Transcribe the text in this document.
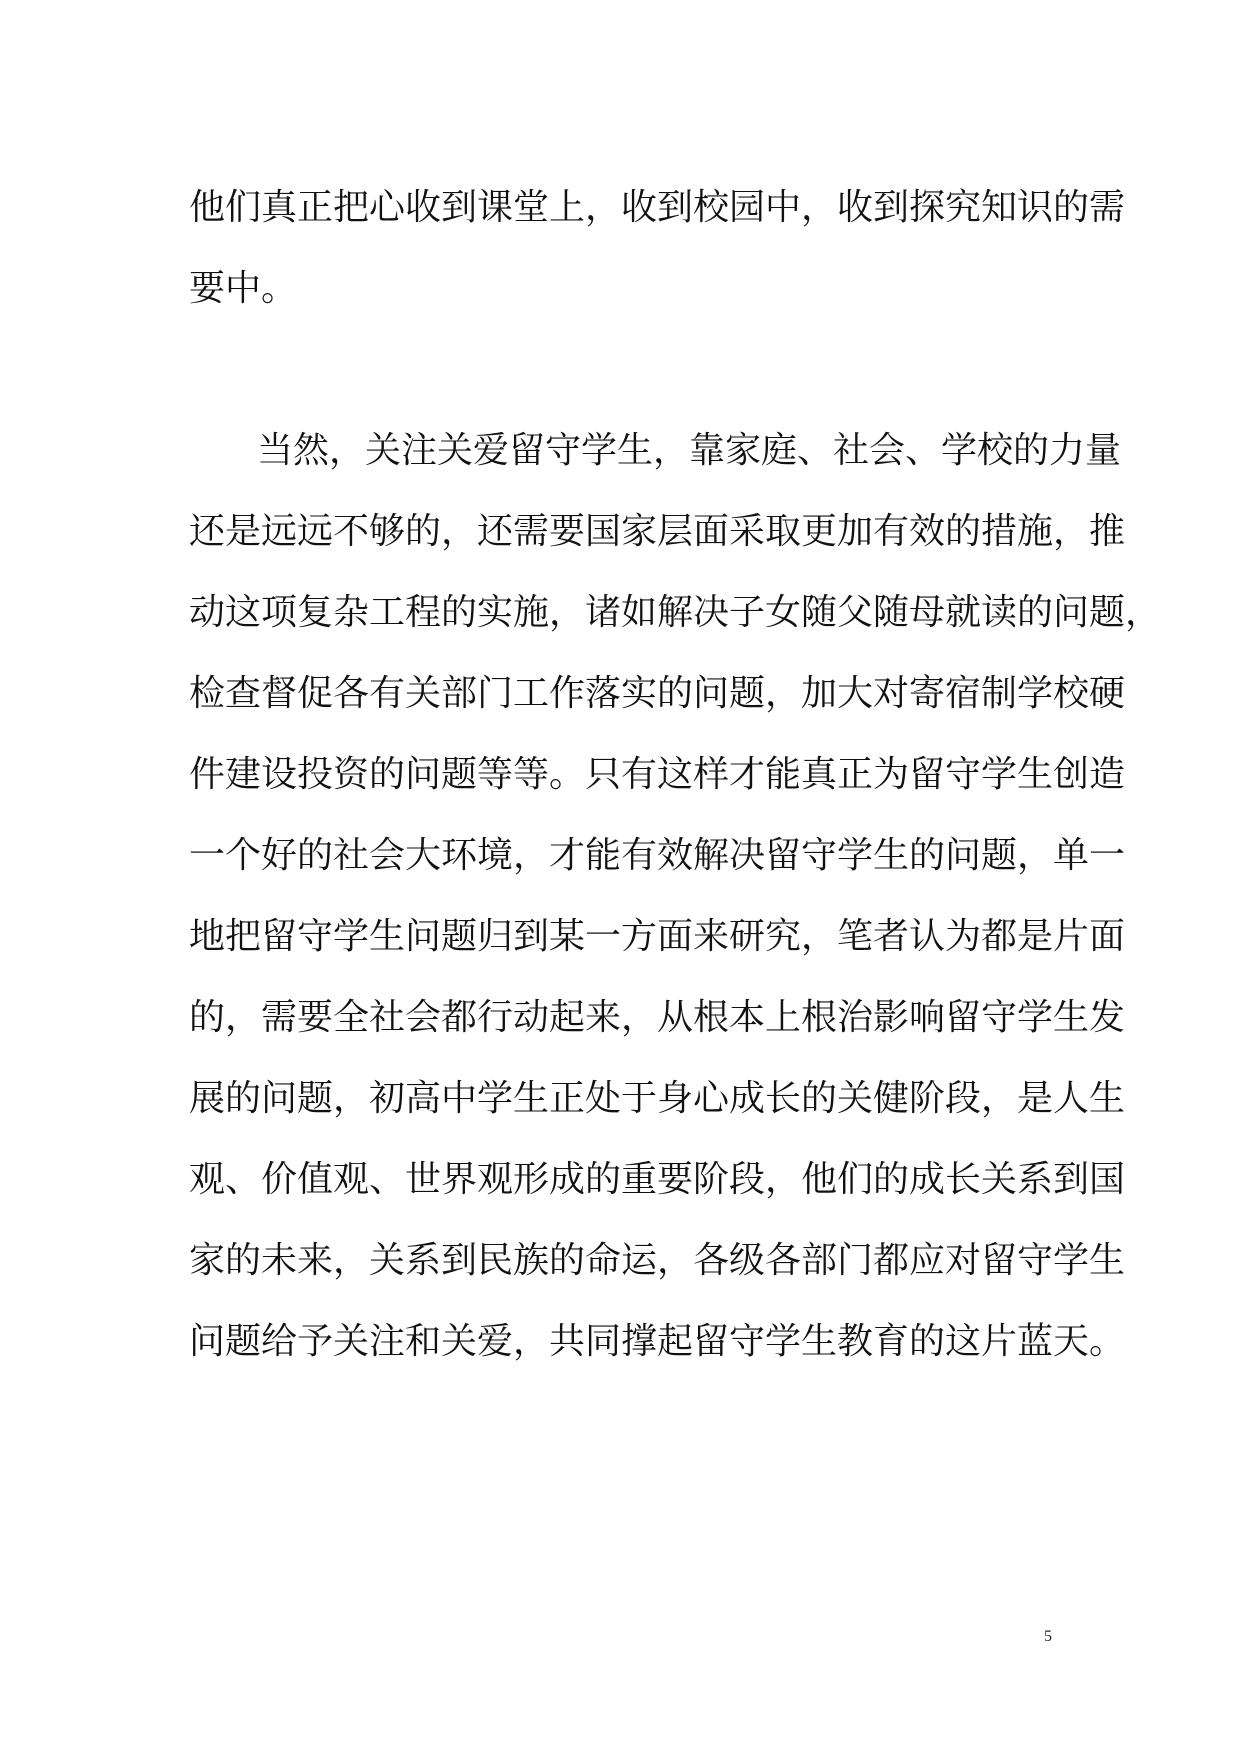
他们真正把心收到课堂上，收到校园中，收到探究知识的需
要中。
当然，关注关爱留守学生，靠家庭、社会、学校的力量
还是远远不够的，还需要国家层面采取更加有效的措施，推
动这项复杂工程的实施，诸如解决子女随父随母就读的问题，
检查督促各有关部门工作落实的问题，加大对寄宿制学校硬
件建设投资的问题等等。只有这样才能真正为留守学生创造
一个好的社会大环境，才能有效解决留守学生的问题，单一
地把留守学生问题归到某一方面来研究，笔者认为都是片面
的，需要全社会都行动起来，从根本上根治影响留守学生发
展的问题，初高中学生正处于身心成长的关健阶段，是人生
观、价值观、世界观形成的重要阶段，他们的成长关系到国
家的未来，关系到民族的命运，各级各部门都应对留守学生
问题给予关注和关爱，共同撑起留守学生教育的这片蓝天。
5
